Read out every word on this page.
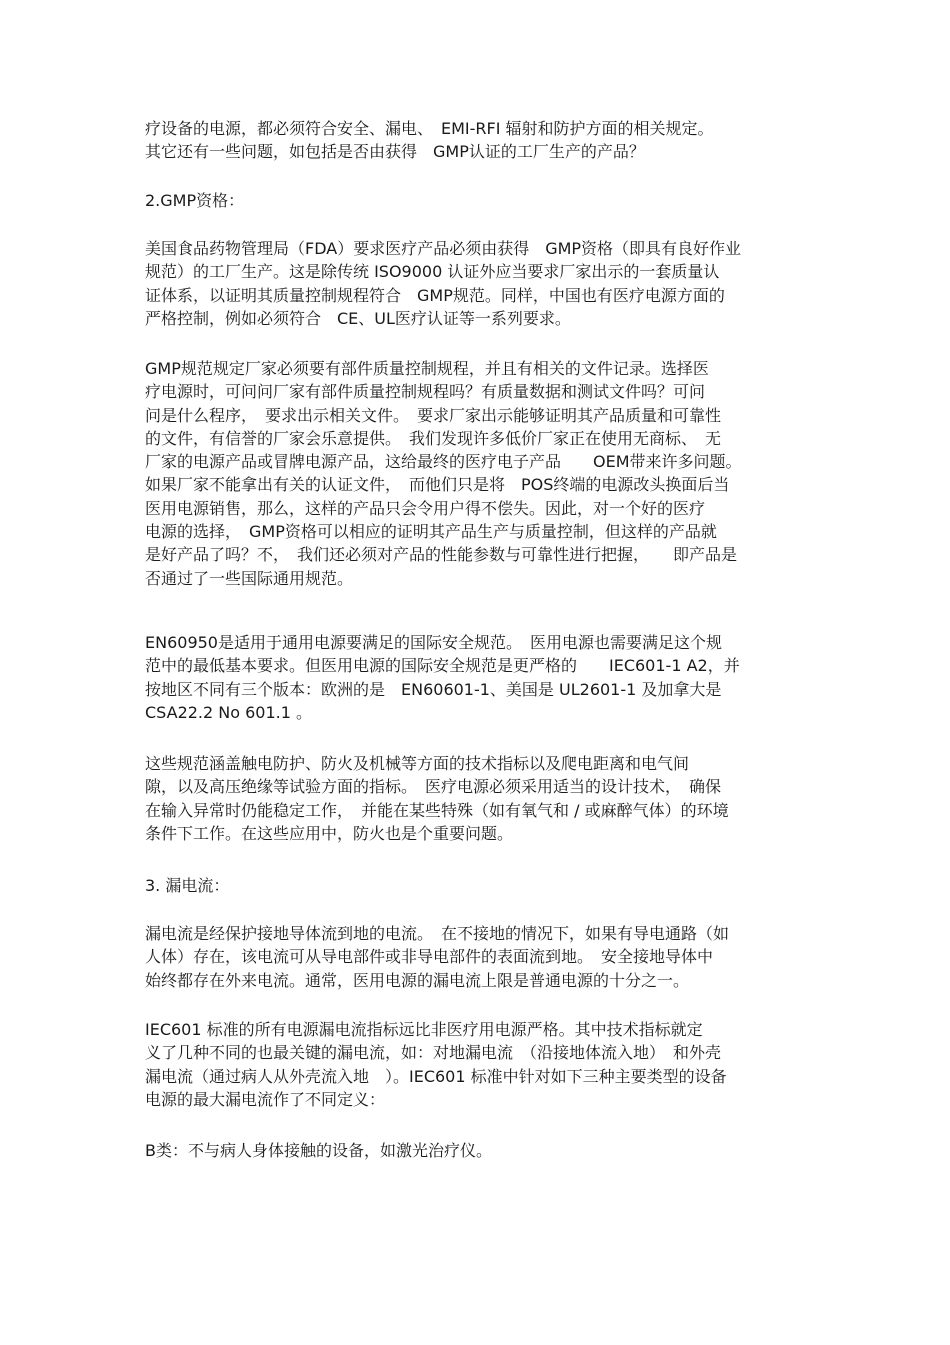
疗设备的电源，都必须符合安全、漏电、　EMI-RFI 辐射和防护方面的相关规定。
其它还有一些问题，如包括是否由获得　GMP认证的工厂生产的产品？

2.GMP资格：

美国食品药物管理局（FDA）要求医疗产品必须由获得　GMP资格（即具有良好作业
规范）的工厂生产。这是除传统 ISO9000 认证外应当要求厂家出示的一套质量认
证体系，以证明其质量控制规程符合　GMP规范。同样，中国也有医疗电源方面的
严格控制，例如必须符合　CE、UL医疗认证等一系列要求。

GMP规范规定厂家必须要有部件质量控制规程，并且有相关的文件记录。选择医
疗电源时，可问问厂家有部件质量控制规程吗？有质量数据和测试文件吗？可问
问是什么程序，　要求出示相关文件。　要求厂家出示能够证明其产品质量和可靠性
的文件，有信誉的厂家会乐意提供。　我们发现许多低价厂家正在使用无商标、　无
厂家的电源产品或冒牌电源产品，这给最终的医疗电子产品　　OEM带来许多问题。
如果厂家不能拿出有关的认证文件，　而他们只是将　POS终端的电源改头换面后当
医用电源销售，那么，这样的产品只会令用户得不偿失。因此，对一个好的医疗
电源的选择，　GMP资格可以相应的证明其产品生产与质量控制，但这样的产品就
是好产品了吗？不，　我们还必须对产品的性能参数与可靠性进行把握，　　即产品是
否通过了一些国际通用规范。

EN60950是适用于通用电源要满足的国际安全规范。　医用电源也需要满足这个规
范中的最低基本要求。但医用电源的国际安全规范是更严格的　　IEC601-1 A2，并
按地区不同有三个版本：欧洲的是　EN60601-1、美国是 UL2601-1 及加拿大是
CSA22.2 No 601.1 。

这些规范涵盖触电防护、防火及机械等方面的技术指标以及爬电距离和电气间
隙，以及高压绝缘等试验方面的指标。　医疗电源必须采用适当的设计技术，　确保
在输入异常时仍能稳定工作，　并能在某些特殊（如有氧气和 / 或麻醉气体）的环境
条件下工作。在这些应用中，防火也是个重要问题。

3. 漏电流：

漏电流是经保护接地导体流到地的电流。　在不接地的情况下，如果有导电通路（如
人体）存在，该电流可从导电部件或非导电部件的表面流到地。　安全接地导体中
始终都存在外来电流。通常，医用电源的漏电流上限是普通电源的十分之一。

IEC601 标准的所有电源漏电流指标远比非医疗用电源严格。其中技术指标就定
义了几种不同的也最关键的漏电流，如：对地漏电流　（沿接地体流入地）　和外壳
漏电流（通过病人从外壳流入地　）。IEC601 标准中针对如下三种主要类型的设备
电源的最大漏电流作了不同定义：

B类：不与病人身体接触的设备，如激光治疗仪。
